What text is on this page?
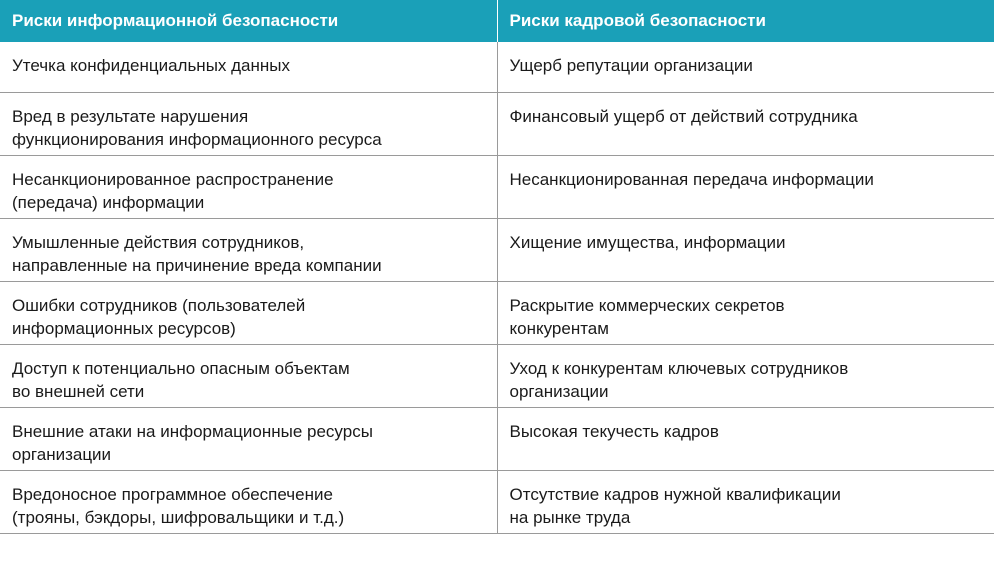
Риски информационной безопасности	Риски кадровой безопасности

Утечка конфиденциальных данных	Ущерб репутации организации

Вред в результате нарушения
функционирования информационного ресурса	Финансовый ущерб от действий сотрудника

Несанкционированное распространение
(передача) информации	Несанкционированная передача информации

Умышленные действия сотрудников,
направленные на причинение вреда компании	Хищение имущества, информации

Ошибки сотрудников (пользователей
информационных ресурсов)	Раскрытие коммерческих секретов
конкурентам

Доступ к потенциально опасным объектам
во внешней сети	Уход к конкурентам ключевых сотрудников
организации

Внешние атаки на информационные ресурсы
организации	Высокая текучесть кадров

Вредоносное программное обеспечение
(трояны, бэкдоры, шифровальщики и т.д.)	Отсутствие кадров нужной квалификации
на рынке труда
